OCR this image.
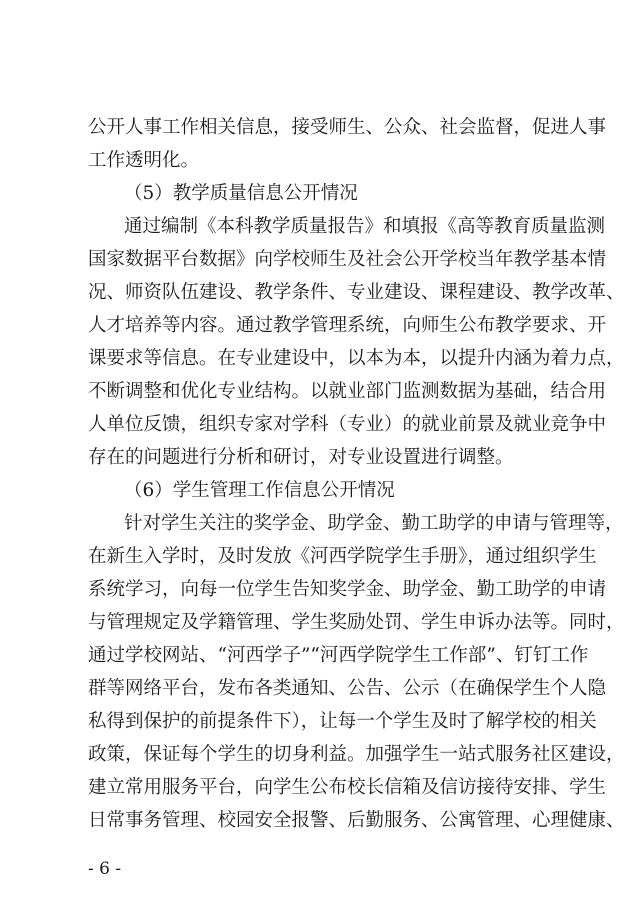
公开人事工作相关信息，接受师生、公众、社会监督，促进人事
工作透明化。
（5）教学质量信息公开情况
通过编制《本科教学质量报告》和填报《高等教育质量监测
国家数据平台数据》向学校师生及社会公开学校当年教学基本情
况、师资队伍建设、教学条件、专业建设、课程建设、教学改革、
人才培养等内容。通过教学管理系统，向师生公布教学要求、开
课要求等信息。在专业建设中，以本为本，以提升内涵为着力点，
不断调整和优化专业结构。以就业部门监测数据为基础，结合用
人单位反馈，组织专家对学科（专业）的就业前景及就业竞争中
存在的问题进行分析和研讨，对专业设置进行调整。
（6）学生管理工作信息公开情况
针对学生关注的奖学金、助学金、勤工助学的申请与管理等，
在新生入学时，及时发放《河西学院学生手册》，通过组织学生
系统学习，向每一位学生告知奖学金、助学金、勤工助学的申请
与管理规定及学籍管理、学生奖励处罚、学生申诉办法等。同时，
通过学校网站、“河西学子”“河西学院学生工作部”、钉钉工作
群等网络平台，发布各类通知、公告、公示（在确保学生个人隐
私得到保护的前提条件下），让每一个学生及时了解学校的相关
政策，保证每个学生的切身利益。加强学生一站式服务社区建设，
建立常用服务平台，向学生公布校长信箱及信访接待安排、学生
日常事务管理、校园安全报警、后勤服务、公寓管理、心理健康、
- 6 -
